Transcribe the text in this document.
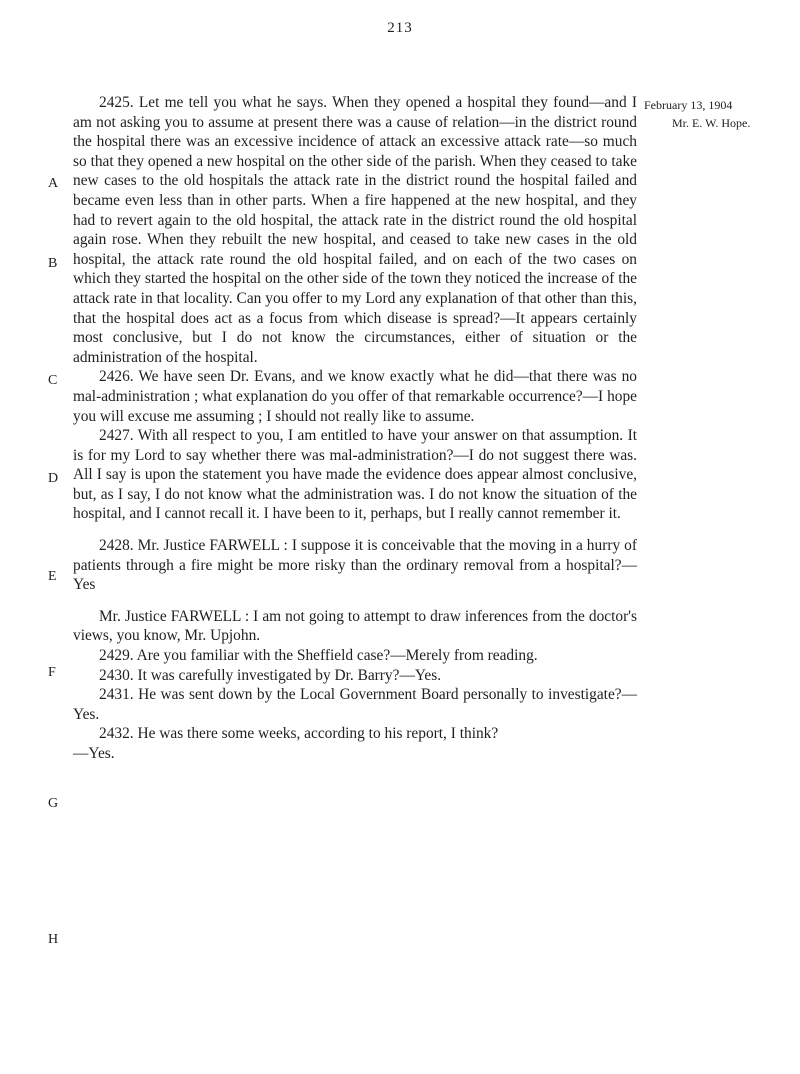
213
February 13, 1904
Mr. E. W. Hope.
A
B
C
D
E
F
G
H

2425. Let me tell you what he says. When they opened a hospital they found—and I am not asking you to assume at present there was a cause of relation—in the district round the hospital there was an excessive incidence of attack an excessive attack rate—so much so that they opened a new hospital on the other side of the parish. When they ceased to take new cases to the old hospitals the attack rate in the district round the hospital failed and became even less than in other parts. When a fire happened at the new hospital, and they had to revert again to the old hospital, the attack rate in the district round the old hospital again rose. When they rebuilt the new hospital, and ceased to take new cases in the old hospital, the attack rate round the old hospital failed, and on each of the two cases on which they started the hospital on the other side of the town they noticed the increase of the attack rate in that locality. Can you offer to my Lord any explanation of that other than this, that the hospital does act as a focus from which disease is spread?—It appears certainly most conclusive, but I do not know the circumstances, either of situation or the administration of the hospital.

2426. We have seen Dr. Evans, and we know exactly what he did—that there was no mal-administration ; what explanation do you offer of that remarkable occurrence?—I hope you will excuse me assuming ; I should not really like to assume.

2427. With all respect to you, I am entitled to have your answer on that assumption. It is for my Lord to say whether there was mal-administration?—I do not suggest there was. All I say is upon the statement you have made the evidence does appear almost conclusive, but, as I say, I do not know what the administration was. I do not know the situation of the hospital, and I cannot recall it. I have been to it, perhaps, but I really cannot remember it.

2428. Mr. Justice FARWELL : I suppose it is conceivable that the moving in a hurry of patients through a fire might be more risky than the ordinary removal from a hospital?—Yes

Mr. Justice FARWELL : I am not going to attempt to draw inferences from the doctor's views, you know, Mr. Upjohn.

2429. Are you familiar with the Sheffield case?—Merely from reading.

2430. It was carefully investigated by Dr. Barry?—Yes.

2431. He was sent down by the Local Government Board personally to investigate?—Yes.

2432. He was there some weeks, according to his report, I think?

—Yes.
